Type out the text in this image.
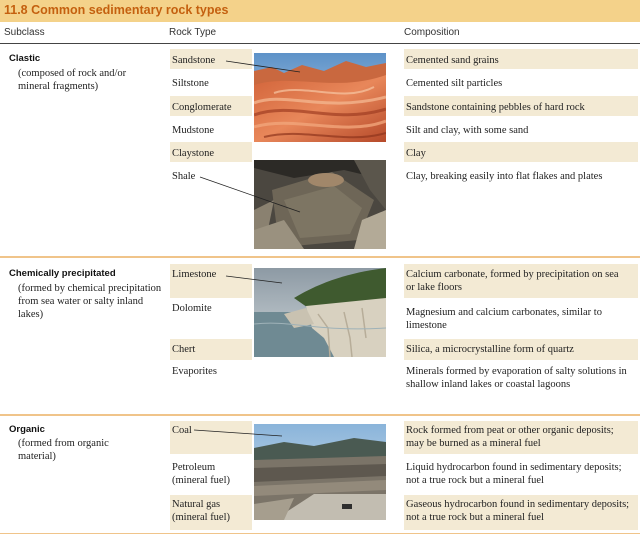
11.8 Common sedimentary rock types
Subclass	Rock Type	Composition
Clastic
(composed of rock and/or mineral fragments)
Sandstone
Siltstone
Conglomerate
Mudstone
Claystone
Shale
Cemented sand grains
Cemented silt particles
Sandstone containing pebbles of hard rock
Silt and clay, with some sand
Clay
Clay, breaking easily into flat flakes and plates
Chemically precipitated
(formed by chemical precipitation from sea water or salty inland lakes)
Limestone
Dolomite
Chert
Evaporites
Calcium carbonate, formed by precipitation on sea or lake floors
Magnesium and calcium carbonates, similar to limestone
Silica, a microcrystalline form of quartz
Minerals formed by evaporation of salty solutions in shallow inland lakes or coastal lagoons
Organic
(formed from organic material)
Coal
Petroleum (mineral fuel)
Natural gas (mineral fuel)
Rock formed from peat or other organic deposits; may be burned as a mineral fuel
Liquid hydrocarbon found in sedimentary deposits; not a true rock but a mineral fuel
Gaseous hydrocarbon found in sedimentary deposits; not a true rock but a mineral fuel
